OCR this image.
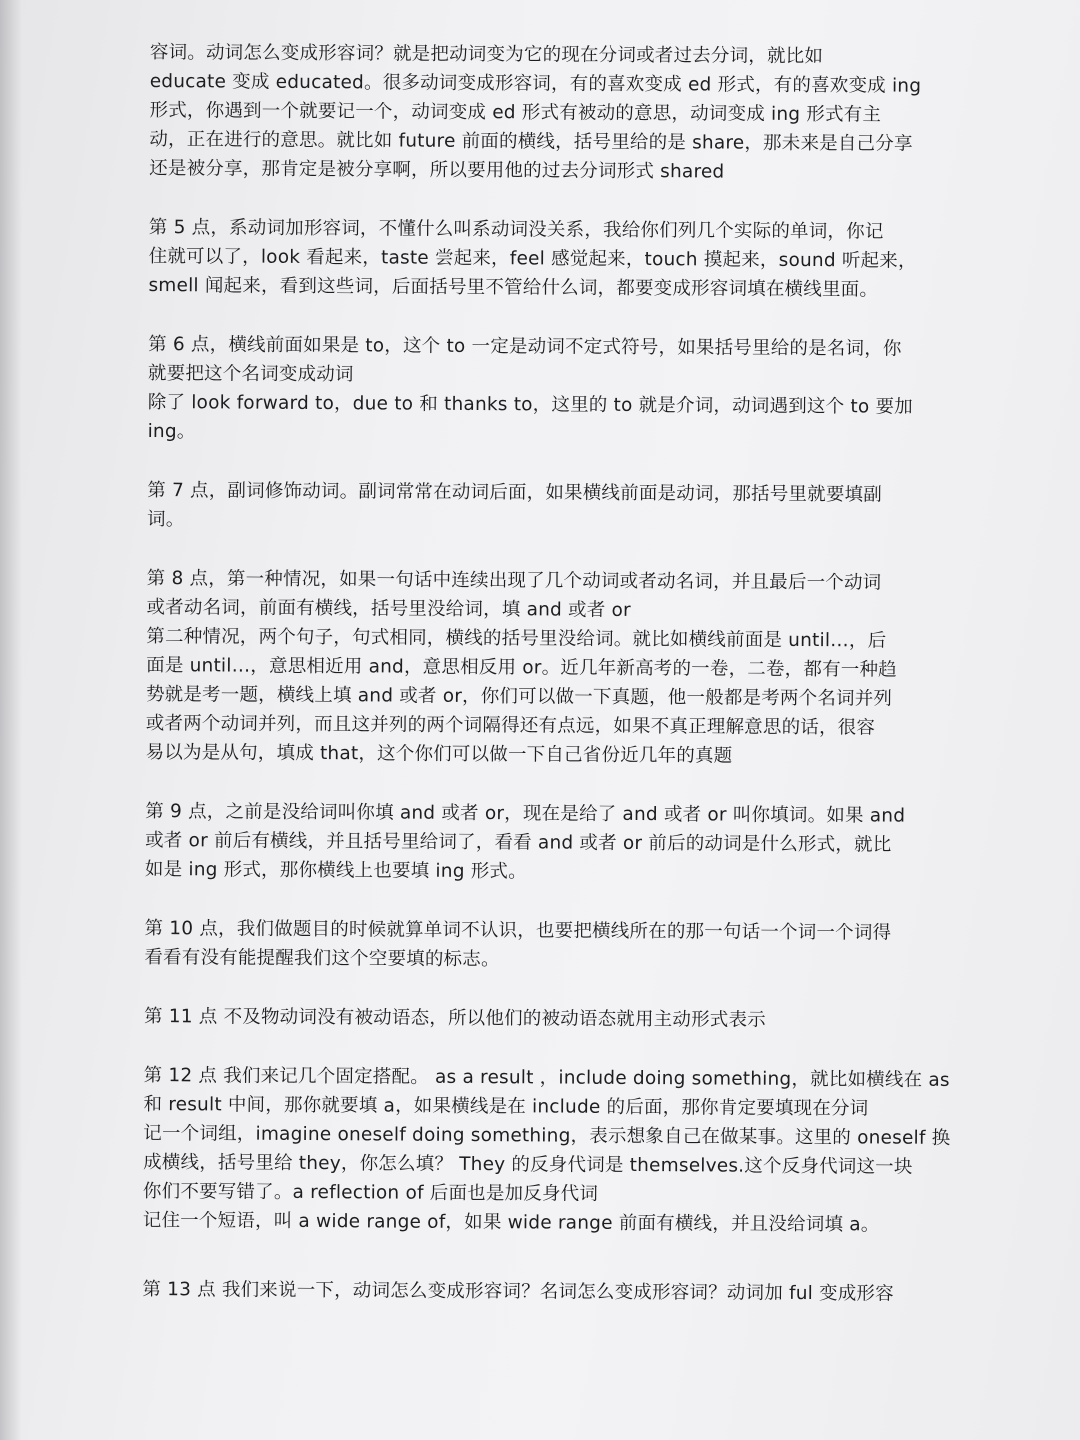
容词。动词怎么变成形容词？就是把动词变为它的现在分词或者过去分词，就比如
educate 变成 educated。很多动词变成形容词，有的喜欢变成 ed 形式，有的喜欢变成 ing
形式，你遇到一个就要记一个，动词变成 ed 形式有被动的意思，动词变成 ing 形式有主
动，正在进行的意思。就比如 future 前面的横线，括号里给的是 share，那未来是自己分享
还是被分享，那肯定是被分享啊，所以要用他的过去分词形式 shared
第 5 点，系动词加形容词，不懂什么叫系动词没关系，我给你们列几个实际的单词，你记
住就可以了，look 看起来，taste 尝起来，feel 感觉起来，touch 摸起来，sound 听起来，
smell 闻起来，看到这些词，后面括号里不管给什么词，都要变成形容词填在横线里面。
第 6 点，横线前面如果是 to，这个 to 一定是动词不定式符号，如果括号里给的是名词，你
就要把这个名词变成动词
除了 look forward to，due to 和 thanks to，这里的 to 就是介词，动词遇到这个 to 要加
ing。
第 7 点，副词修饰动词。副词常常在动词后面，如果横线前面是动词，那括号里就要填副
词。
第 8 点，第一种情况，如果一句话中连续出现了几个动词或者动名词，并且最后一个动词
或者动名词，前面有横线，括号里没给词，填 and 或者 or
第二种情况，两个句子，句式相同，横线的括号里没给词。就比如横线前面是 until…，后
面是 until…，意思相近用 and，意思相反用 or。近几年新高考的一卷，二卷，都有一种趋
势就是考一题，横线上填 and 或者 or，你们可以做一下真题，他一般都是考两个名词并列
或者两个动词并列，而且这并列的两个词隔得还有点远，如果不真正理解意思的话，很容
易以为是从句，填成 that，这个你们可以做一下自己省份近几年的真题
第 9 点，之前是没给词叫你填 and 或者 or，现在是给了 and 或者 or 叫你填词。如果 and
或者 or 前后有横线，并且括号里给词了，看看 and 或者 or 前后的动词是什么形式，就比
如是 ing 形式，那你横线上也要填 ing 形式。
第 10 点，我们做题目的时候就算单词不认识，也要把横线所在的那一句话一个词一个词得
看看有没有能提醒我们这个空要填的标志。
第 11 点 不及物动词没有被动语态，所以他们的被动语态就用主动形式表示
第 12 点 我们来记几个固定搭配。 as a result ，include doing something，就比如横线在 as
和 result 中间，那你就要填 a，如果横线是在 include 的后面，那你肯定要填现在分词
记一个词组，imagine oneself doing something，表示想象自己在做某事。这里的 oneself 换
成横线，括号里给 they，你怎么填？ They 的反身代词是 themselves.这个反身代词这一块
你们不要写错了。a reflection of 后面也是加反身代词
记住一个短语，叫 a wide range of，如果 wide range 前面有横线，并且没给词填 a。
第 13 点 我们来说一下，动词怎么变成形容词？名词怎么变成形容词？动词加 ful 变成形容
